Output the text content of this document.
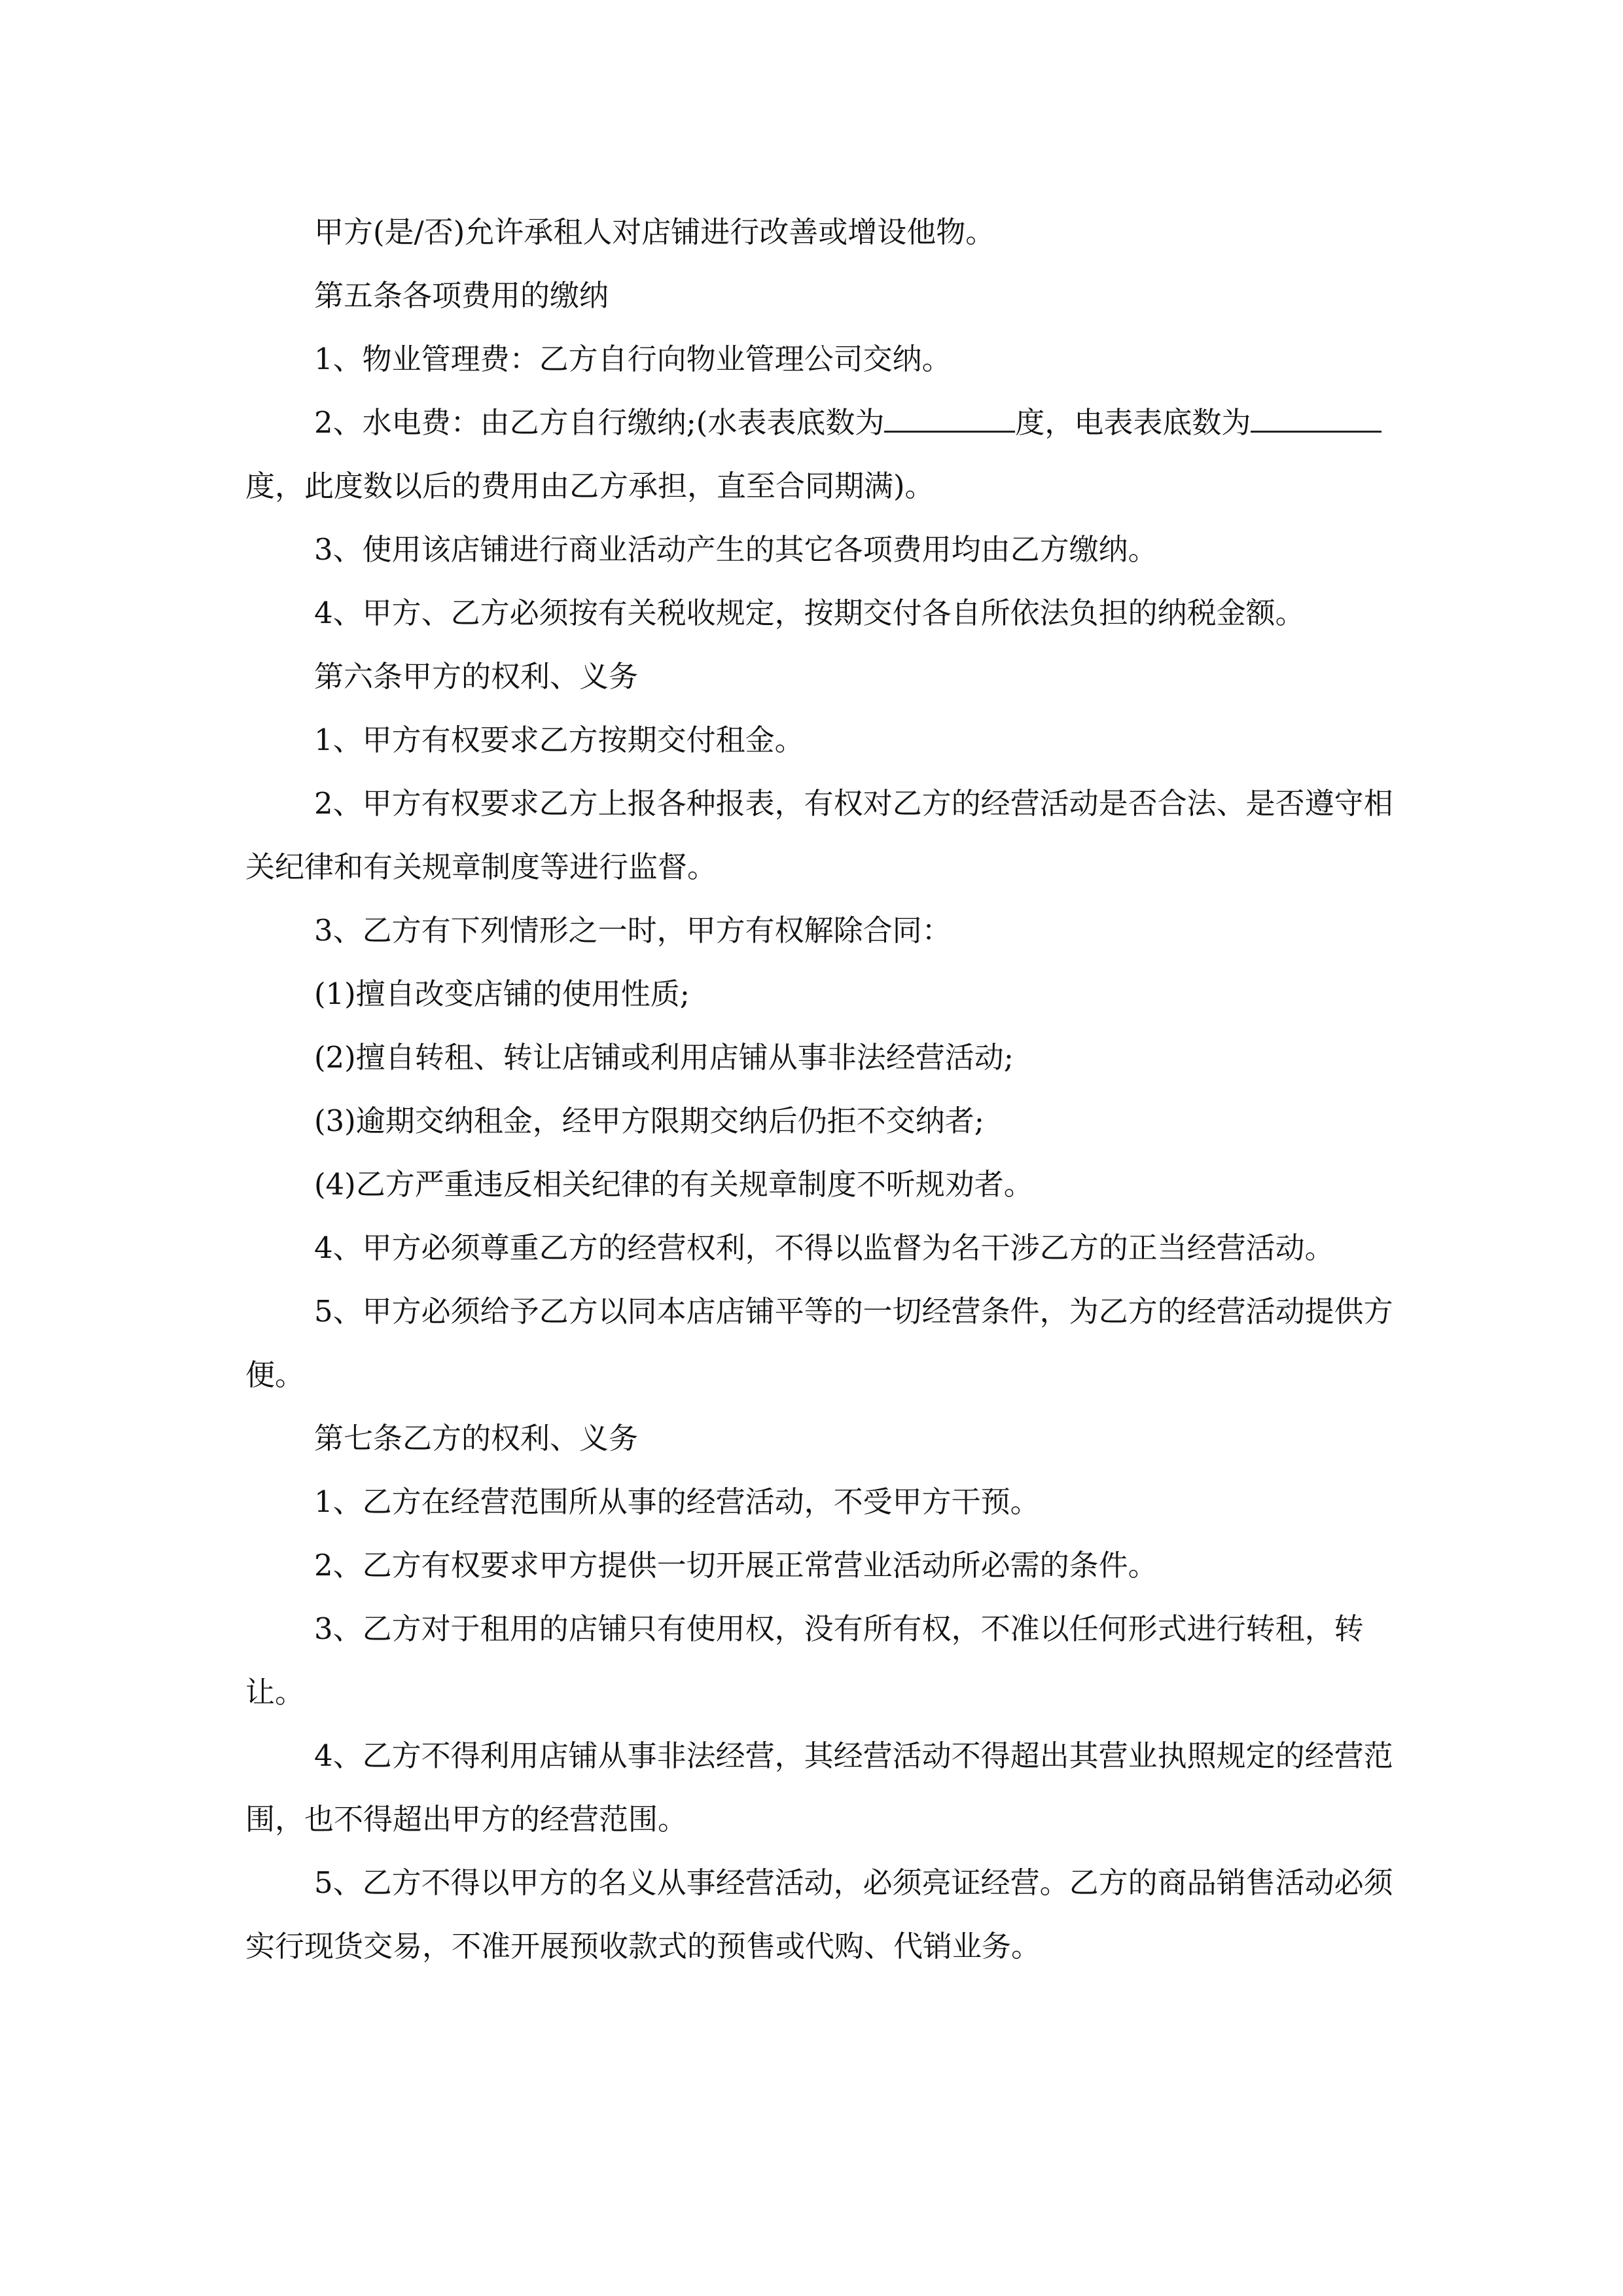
甲方(是/否)允许承租人对店铺进行改善或增设他物。

第五条各项费用的缴纳

1、物业管理费：乙方自行向物业管理公司交纳。

2、水电费：由乙方自行缴纳;(水表表底数为	度，电表表底数为度，此度数以后的费用由乙方承担，直至合同期满)。

3、使用该店铺进行商业活动产生的其它各项费用均由乙方缴纳。

4、甲方、乙方必须按有关税收规定，按期交付各自所依法负担的纳税金额。

第六条甲方的权利、义务

1、甲方有权要求乙方按期交付租金。

2、甲方有权要求乙方上报各种报表，有权对乙方的经营活动是否合法、是否遵守相关纪律和有关规章制度等进行监督。

3、乙方有下列情形之一时，甲方有权解除合同：

(1)擅自改变店铺的使用性质;

(2)擅自转租、转让店铺或利用店铺从事非法经营活动;

(3)逾期交纳租金，经甲方限期交纳后仍拒不交纳者;

(4)乙方严重违反相关纪律的有关规章制度不听规劝者。

4、甲方必须尊重乙方的经营权利，不得以监督为名干涉乙方的正当经营活动。

5、甲方必须给予乙方以同本店店铺平等的一切经营条件，为乙方的经营活动提供方便。

第七条乙方的权利、义务

1、乙方在经营范围所从事的经营活动，不受甲方干预。

2、乙方有权要求甲方提供一切开展正常营业活动所必需的条件。

3、乙方对于租用的店铺只有使用权，没有所有权，不准以任何形式进行转租，转让。

4、乙方不得利用店铺从事非法经营，其经营活动不得超出其营业执照规定的经营范围，也不得超出甲方的经营范围。

5、乙方不得以甲方的名义从事经营活动，必须亮证经营。乙方的商品销售活动必须实行现货交易，不准开展预收款式的预售或代购、代销业务。
